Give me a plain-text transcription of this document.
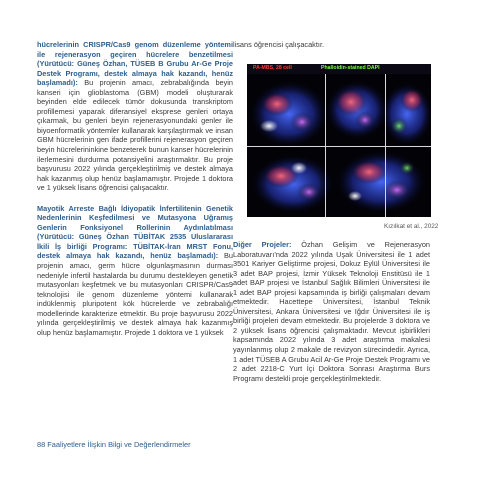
hücrelerinin CRISPR/Cas9 genom düzenleme yöntemi ile rejenerasyon geçiren hücrelere benzetilmesi (Yürütücü: Güneş Özhan, TÜSEB B Grubu Ar-Ge Proje Destek Programı, destek almaya hak kazandı, henüz başlamadı): Bu projenin amacı, zebrabalığında beyin kanseri için glioblastoma (GBM) modeli oluşturarak beyinden elde edilecek tümör dokusunda transkriptom profillemesi yaparak diferansiyel eksprese genleri ortaya çıkarmak, bu genleri beyin rejenerasyonundaki genler ile biyoenformatik yöntemler kullanarak karşılaştırmak ve insan GBM hücrelerinin gen ifade profillerini rejenerasyon geçiren beyin hücrelerininkine benzeterek bunun kanser hücrelerinin ilerlemesini durdurma potansiyelini araştırmaktır. Bu proje başvurusu 2022 yılında gerçekleştirilmiş ve destek almaya hak kazanmış olup henüz başlamamıştır. Projede 1 doktora ve 1 yüksek lisans öğrencisi çalışacaktır.

Mayotik Arreste Bağlı İdiyopatik İnfertilitenin Genetik Nedenlerinin Keşfedilmesi ve Mutasyona Uğramış Genlerin Fonksiyonel Rollerinin Aydınlatılması (Yürütücü: Güneş Özhan TÜBİTAK 2535 Uluslararası İkili İş birliği Programı: TÜBİTAK-İran MRST Fonu, destek almaya hak kazandı, henüz başlamadı): Bu projenin amacı, germ hücre olgunlaşmasının durması nedeniyle infertil hastalarda bu durumu destekleyen genetik mutasyonları keşfetmek ve bu mutasyonları CRISPR/Cas9 teknolojisi ile genom düzenleme yöntemi kullanarak indüklenmiş pluripotent kök hücrelerde ve zebrabalığı modellerinde karakterize etmektir. Bu proje başvurusu 2022 yılında gerçekleştirilmiş ve destek almaya hak kazanmış olup henüz başlamamıştır. Projede 1 doktora ve 1 yüksek

lisans öğrencisi çalışacaktır.

PA-MBS, 28 cell	Phalloidin-stained DAPI
Kızılkat et al., 2022

Diğer Projeler: Özhan Gelişim ve Rejenerasyon Laboratuvarı’nda 2022 yılında Uşak Üniversitesi ile 1 adet 3501 Kariyer Geliştirme projesi, Dokuz Eylül Üniversitesi ile 3 adet BAP projesi, İzmir Yüksek Teknoloji Enstitüsü ile 1 adet BAP projesi ve İstanbul Sağlık Bilimleri Üniversitesi ile 1 adet BAP projesi kapsamında iş birliği çalışmaları devam etmektedir. Hacettepe Üniversitesi, İstanbul Teknik Üniversitesi, Ankara Üniversitesi ve Iğdır Üniversitesi ile iş birliği projeleri devam etmektedir. Bu projelerde 3 doktora ve 2 yüksek lisans öğrencisi çalışmaktadır. Mevcut işbirlikleri kapsamında 2022 yılında 3 adet araştırma makalesi yayınlanmış olup 2 makale de revizyon sürecindedir. Ayrıca, 1 adet TÜSEB A Grubu Acil Ar-Ge Proje Destek Programı ve 2 adet 2218-C Yurt İçi Doktora Sonrası Araştırma Burs Programı destekli proje gerçekleştirilmektedir.

88 Faaliyetlere İlişkin Bilgi ve Değerlendirmeler
